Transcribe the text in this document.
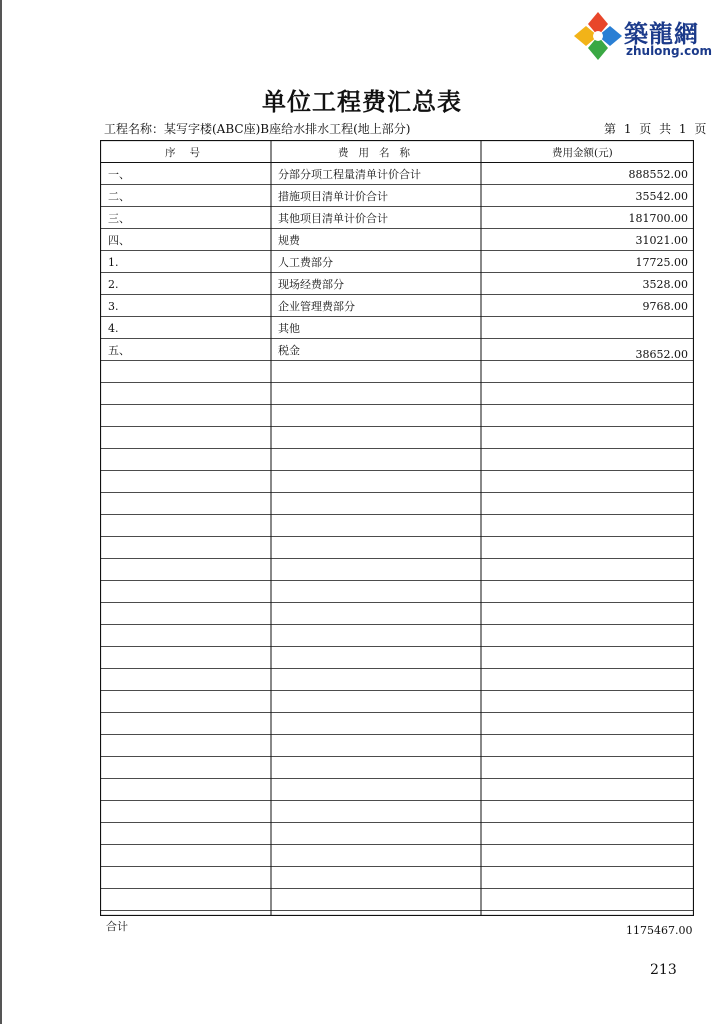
築龍網
zhulong.com
单位工程费汇总表
工程名称：某写字楼(ABC座)B座给水排水工程(地上部分)	第 1 页 共 1 页
序号	费用名称	费用金额(元)
一、	分部分项工程量清单计价合计	888552.00
二、	措施项目清单计价合计	35542.00
三、	其他项目清单计价合计	181700.00
四、	规费	31021.00
1.	人工费部分	17725.00
2.	现场经费部分	3528.00
3.	企业管理费部分	9768.00
4.	其他
五、	税金	38652.00
合计	1175467.00
213
